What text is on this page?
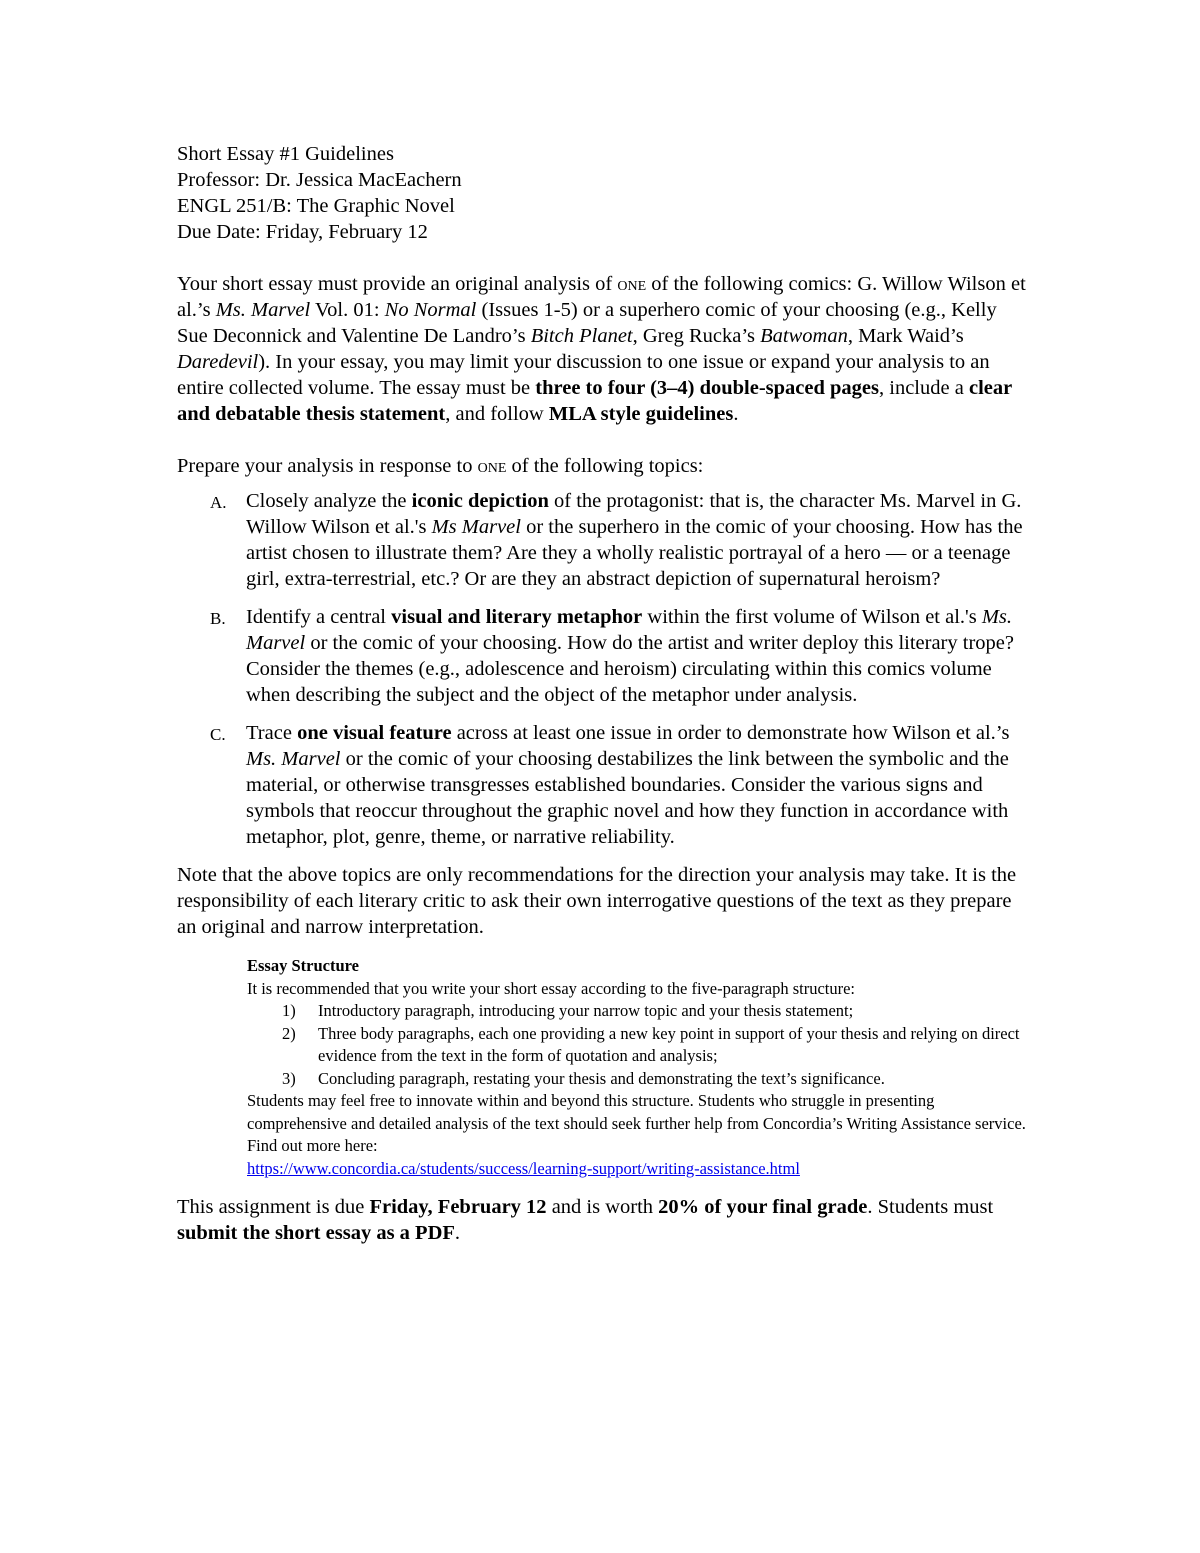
Short Essay #1 Guidelines
Professor: Dr. Jessica MacEachern
ENGL 251/B: The Graphic Novel
Due Date: Friday, February 12

Your short essay must provide an original analysis of one of the following comics: G. Willow Wilson et al.’s Ms. Marvel Vol. 01: No Normal (Issues 1-5) or a superhero comic of your choosing (e.g., Kelly Sue Deconnick and Valentine De Landro’s Bitch Planet, Greg Rucka’s Batwoman, Mark Waid’s Daredevil). In your essay, you may limit your discussion to one issue or expand your analysis to an entire collected volume. The essay must be three to four (3–4) double-spaced pages, include a clear and debatable thesis statement, and follow MLA style guidelines.

Prepare your analysis in response to one of the following topics:

A. Closely analyze the iconic depiction of the protagonist: that is, the character Ms. Marvel in G. Willow Wilson et al.'s Ms Marvel or the superhero in the comic of your choosing. How has the artist chosen to illustrate them? Are they a wholly realistic portrayal of a hero — or a teenage girl, extra-terrestrial, etc.? Or are they an abstract depiction of supernatural heroism?
B. Identify a central visual and literary metaphor within the first volume of Wilson et al.'s Ms. Marvel or the comic of your choosing. How do the artist and writer deploy this literary trope? Consider the themes (e.g., adolescence and heroism) circulating within this comics volume when describing the subject and the object of the metaphor under analysis.
C. Trace one visual feature across at least one issue in order to demonstrate how Wilson et al.’s Ms. Marvel or the comic of your choosing destabilizes the link between the symbolic and the material, or otherwise transgresses established boundaries. Consider the various signs and symbols that reoccur throughout the graphic novel and how they function in accordance with metaphor, plot, genre, theme, or narrative reliability.

Note that the above topics are only recommendations for the direction your analysis may take. It is the responsibility of each literary critic to ask their own interrogative questions of the text as they prepare an original and narrow interpretation.

Essay Structure
It is recommended that you write your short essay according to the five-paragraph structure:
1) Introductory paragraph, introducing your narrow topic and your thesis statement;
2) Three body paragraphs, each one providing a new key point in support of your thesis and relying on direct evidence from the text in the form of quotation and analysis;
3) Concluding paragraph, restating your thesis and demonstrating the text’s significance.
Students may feel free to innovate within and beyond this structure. Students who struggle in presenting comprehensive and detailed analysis of the text should seek further help from Concordia’s Writing Assistance service. Find out more here:
https://www.concordia.ca/students/success/learning-support/writing-assistance.html

This assignment is due Friday, February 12 and is worth 20% of your final grade. Students must submit the short essay as a PDF.
